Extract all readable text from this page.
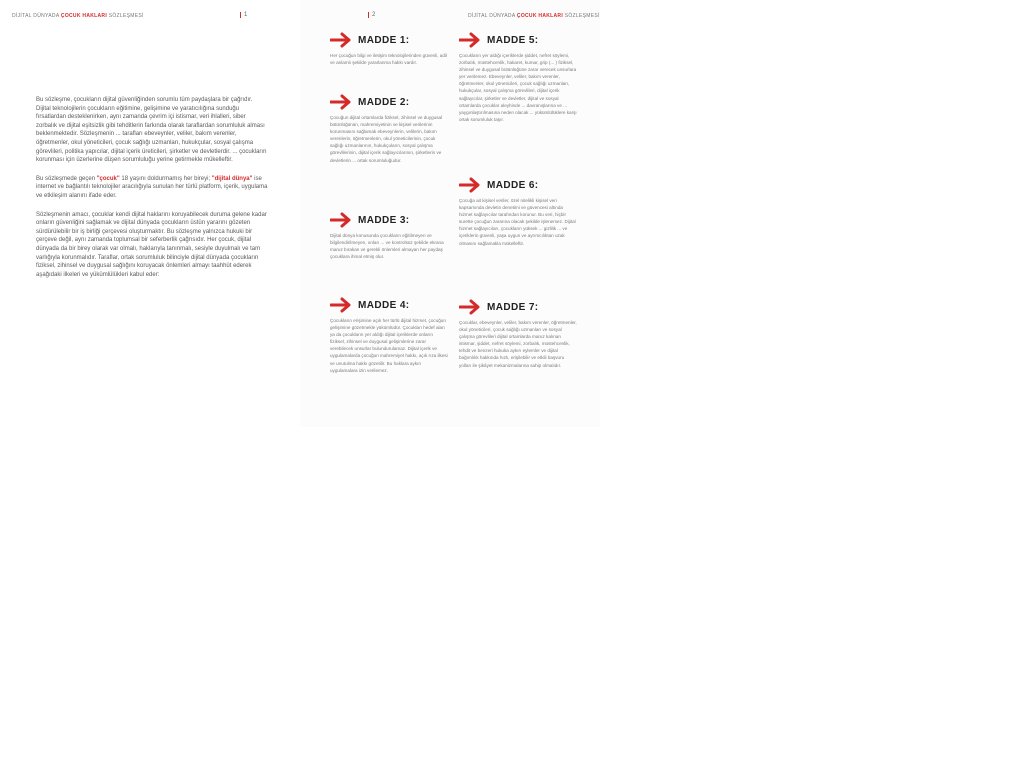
DİJİTAL DÜNYADA ÇOCUK HAKLARI SÖZLEŞMESİ	1

Bu sözleşme, çocukların dijital güvenliğinden sorumlu tüm paydaşlara bir çağrıdır. Dijital teknolojilerin çocukların eğitimine, gelişimine ve yaratıcılığına sunduğu fırsatlardan desteklenirken, aynı zamanda çevrim içi istismar, veri ihlalleri, siber zorbalık ve dijital eşitsizlik gibi tehditlerin farkında olarak taraflardan sorumluluk alması beklenmektedir. Sözleşmenin ... tarafları ebeveynler, veliler, bakım verenler, öğretmenler, okul yöneticileri, çocuk sağlığı uzmanları, hukukçular, sosyal çalışma görevlileri, politika yapıcılar, dijital içerik üreticileri, şirketler ve devletlerdir. ... çocukların korunması için üzerlerine düşen sorumluluğu yerine getirmekle mükelleftir.

Bu sözleşmede geçen "çocuk" 18 yaşını doldurmamış her bireyi; "dijital dünya" ise internet ve bağlantılı teknolojiler aracılığıyla sunulan her türlü platform, içerik, uygulama ve etkileşim alanını ifade eder.

Sözleşmenin amacı, çocuklar kendi dijital haklarını koruyabilecek duruma gelene kadar onların güvenliğini sağlamak ve dijital dünyada çocukların üstün yararını gözeten sürdürülebilir bir iş birliği çerçevesi oluşturmaktır. Bu sözleşme yalnızca hukuki bir çerçeve değil, aynı zamanda toplumsal bir seferberlik çağrısıdır. Her çocuk, dijital dünyada da bir birey olarak var olmalı, haklarıyla tanınmalı, sesiyle duyulmalı ve tam varlığıyla korunmalıdır. Taraflar, ortak sorumluluk bilinciyle dijital dünyada çocukların fiziksel, zihinsel ve duygusal sağlığını koruyacak önlemleri almayı taahhüt ederek aşağıdaki ilkeleri ve yükümlülükleri kabul eder:

2	DİJİTAL DÜNYADA ÇOCUK HAKLARI SÖZLEŞMESİ
MADDE 1:
Her çocuğun bilgi ve iletişim teknolojilerinden güvenli, adil ve anlamlı şekilde yararlanma hakkı vardır.
MADDE 2:
Çocuğun dijital ortamlarda fiziksel, zihinsel ve duygusal bütünlüğünün, mahremiyetinin ve kişisel verilerinin korunmasını sağlamak ebeveynlerin, velilerin, bakım verenlerin, öğretmenlerin, okul yöneticilerinin, çocuk sağlığı uzmanlarının, hukukçuların, sosyal çalışma görevlilerinin, dijital içerik sağlayıcılarının, şirketlerin ve devletlerin ... ortak sorumluluğudur.
MADDE 3:
Dijital dünya konusunda çocukların eğitilmeyen ve bilgilendirilmeyen, onları ... ve kontrolsüz şekilde ekrana maruz bırakan ve gerekli önlemleri almayan her paydaş çocuklara ihmal etmiş olur.
MADDE 4:
Çocukların erişimine açık her türlü dijital hizmet, çocuğun gelişimine gözetmekle yükümlüdür. Çocukları hedef alan ya da çocukların yer aldığı dijital içeriklerde onların fiziksel, zihinsel ve duygusal gelişimlerine zarar verebilecek unsurlar bulundurulamaz. Dijital içerik ve uygulamalarda çocuğun mahremiyet hakkı, açık rıza ilkesi ve unutulma hakkı gözetilir. Bu haklara aykırı uygulamalara izin verilemez.
MADDE 5:
Çocukların yer aldığı içeriklerde şiddet, nefret söylemi, zorbalık, müstehcenlik, hakaret, kumar, grip (... ) fiziksel, zihinsel ve duygusal bütünlüğüne zarar verecek unsurlara yer verilemez. Ebeveynler, veliler, bakım verenler, öğretmenler, okul yöneticileri, çocuk sağlığı uzmanları, hukukçular, sosyal çalışma görevlileri, dijital içerik sağlayıcılar, şirketler ve devletler, dijital ve sosyal ortamlarda çocuklar aleyhinde ... davranışlarına ve ... yaygınlaştırılmasına neden olacak ... yükümlülüklere karşı ortak sorumluluk taşır.
MADDE 6:
Çocuğa ait kişisel veriler, özel nitelikli kişisel veri kapsamında devletin denetimi ve güvencesi altında hizmet sağlayıcılar tarafından korunur. Bu veri, hiçbir surette çocuğun zararına olacak şekilde işlenemez. Dijital hizmet sağlayıcıları, çocukların yüksek ... gizlilik ... ve içeriklerin güvenli, yaşa uygun ve ayrımcılıktan uzak olmasını sağlamakla mükelleftir.
MADDE 7:
Çocuklar, ebeveynler, veliler, bakım verenler, öğretmenler, okul yöneticileri, çocuk sağlığı uzmanları ve sosyal çalışma görevlileri dijital ortamlarda maruz kalınan istismar, şiddet, nefret söylemi, zorbalık, müstehcenlik, tehdit ve benzeri hukuka aykırı eylemler ve dijital bağımlılık hakkında hızlı, erişilebilir ve etkili başvuru yolları ile şikâyet mekanizmalarına sahip olmalıdır.
